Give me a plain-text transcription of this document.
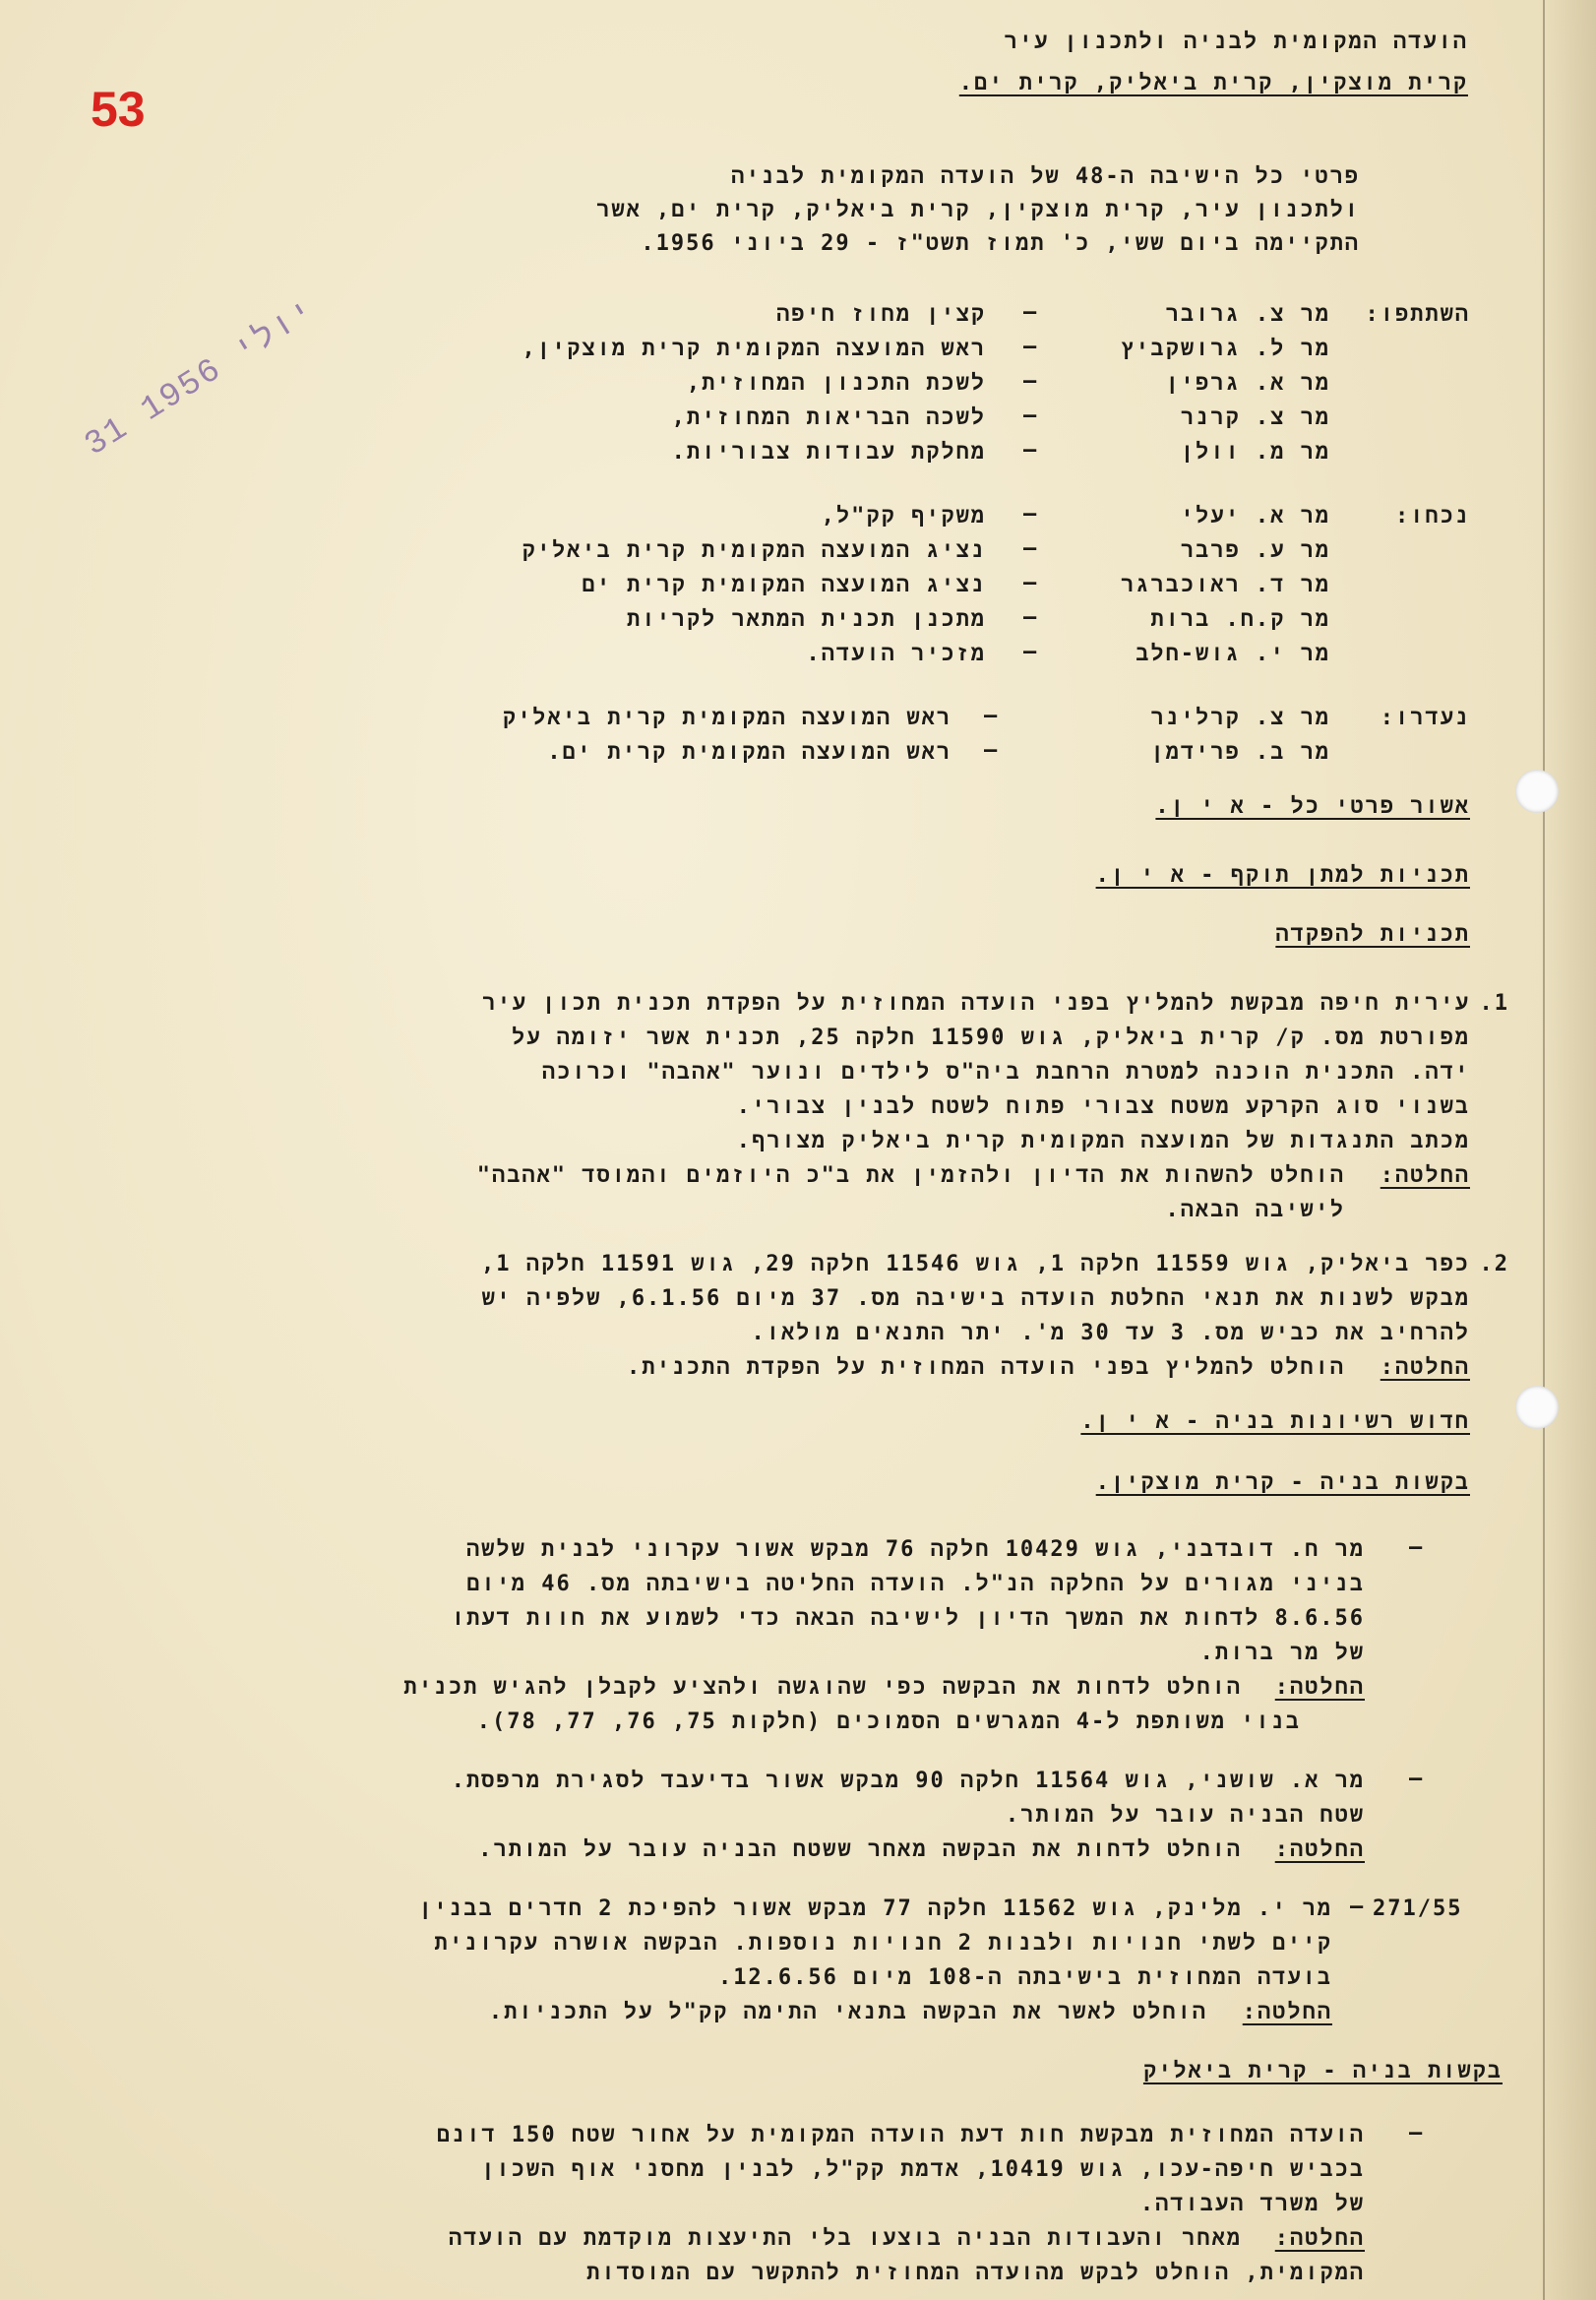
53
31 יולי 1956
הועדה המקומית לבניה ולתכנון עיר
קרית מוצקין, קרית ביאליק, קרית ים.
פרטי כל הישיבה ה-48 של הועדה המקומית לבניה
ולתכנון עיר, קרית מוצקין, קרית ביאליק, קרית ים, אשר
התקיימה ביום ששי, כ' תמוז תשט"ז - 29 ביוני 1956.
השתתפו:
מר צ. גרובר
—
קצין מחוז חיפה
מר ל. גרושקביץ
—
ראש המועצה המקומית קרית מוצקין,
מר א. גרפין
—
לשכת התכנון המחוזית,
מר צ. קרנר
—
לשכה הבריאות המחוזית,
מר מ. וולן
—
מחלקת עבודות צבוריות.
נכחו:
מר א. יעלי
—
משקיף קק"ל,
מר ע. פרבר
—
נציג המועצה המקומית קרית ביאליק
מר ד. ראוכברגר
—
נציג המועצה המקומית קרית ים
מר ק.ח. ברות
—
מתכנן תכנית המתאר לקריות
מר י. גוש-חלב
—
מזכיר הועדה.
נעדרו:
מר צ. קרלינר
—
ראש המועצה המקומית קרית ביאליק
מר ב. פרידמן
—
ראש המועצה המקומית קרית ים.
אשור פרטי כל - א י ן.
תכניות למתן תוקף - א י ן.
תכניות להפקדה
1.
עירית חיפה מבקשת להמליץ בפני הועדה המחוזית על הפקדת תכנית תכון עיר
מפורטת מס. ק/ קרית ביאליק, גוש 11590 חלקה 25, תכנית אשר יזומה על
ידה. התכנית הוכנה למטרת הרחבת ביה"ס לילדים ונוער "אהבה" וכרוכה
בשנוי סוג הקרקע משטח צבורי פתוח לשטח לבנין צבורי.
מכתב התנגדות של המועצה המקומית קרית ביאליק מצורף.
החלטה:
הוחלט להשהות את הדיון ולהזמין את ב"כ היוזמים והמוסד "אהבה"
לישיבה הבאה.
2.
כפר ביאליק, גוש 11559 חלקה 1, גוש 11546 חלקה 29, גוש 11591 חלקה 1,
מבקש לשנות את תנאי החלטת הועדה בישיבה מס. 37 מיום 6.1.56, שלפיה יש
להרחיב את כביש מס. 3 עד 30 מ'. יתר התנאים מולאו.
החלטה:
הוחלט להמליץ בפני הועדה המחוזית על הפקדת התכנית.
חדוש רשיונות בניה - א י ן.
בקשות בניה - קרית מוצקין.
—
מר ח. דובדבני, גוש 10429 חלקה 76 מבקש אשור עקרוני לבנית שלשה
בניני מגורים על החלקה הנ"ל. הועדה החליטה בישיבתה מס. 46 מיום
8.6.56 לדחות את המשך הדיון לישיבה הבאה כדי לשמוע את חוות דעתו
של מר ברות.
החלטה:
הוחלט לדחות את הבקשה כפי שהוגשה ולהציע לקבלן להגיש תכנית
בנוי משותפת ל-4 המגרשים הסמוכים (חלקות 75, 76, 77, 78).
—
מר א. שושני, גוש 11564 חלקה 90 מבקש אשור בדיעבד לסגירת מרפסת.
שטח הבניה עובר על המותר.
החלטה:
הוחלט לדחות את הבקשה מאחר ששטח הבניה עובר על המותר.
271/55
—
מר י. מלינק, גוש 11562 חלקה 77 מבקש אשור להפיכת 2 חדרים בבנין
קיים לשתי חנויות ולבנות 2 חנויות נוספות. הבקשה אושרה עקרונית
בועדה המחוזית בישיבתה ה-108 מיום 12.6.56.
החלטה:
הוחלט לאשר את הבקשה בתנאי התימה קק"ל על התכניות.
בקשות בניה - קרית ביאליק
—
הועדה המחוזית מבקשת חות דעת הועדה המקומית על אחור שטח 150 דונם
בכביש חיפה-עכו, גוש 10419, אדמת קק"ל, לבנין מחסני אוף השכון
של משרד העבודה.
החלטה:
מאחר והעבודות הבניה בוצעו בלי התיעצות מוקדמת עם הועדה
המקומית, הוחלט לבקש מהועדה המחוזית להתקשר עם המוסדות
